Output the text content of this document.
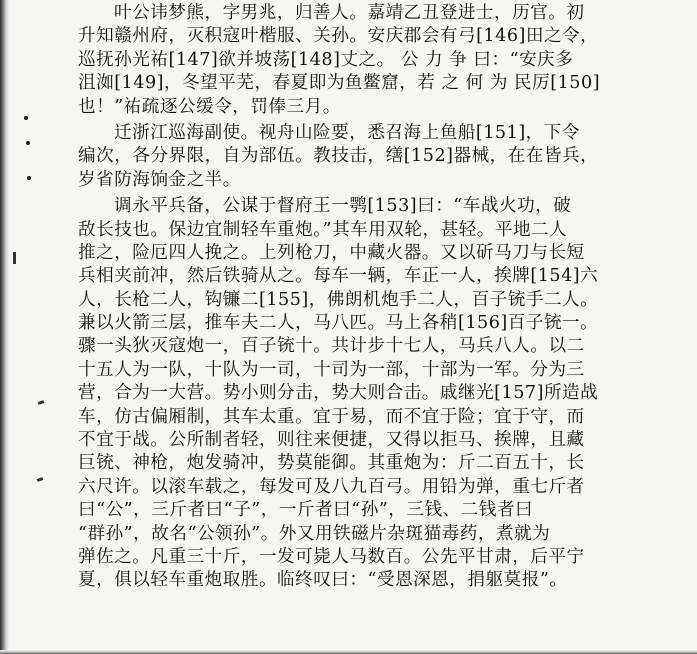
叶公讳梦熊，字男兆，归善人。嘉靖乙丑登进士，历官。初
升知赣州府，灭积寇叶楷服、关孙。安庆郡会有弓[146]田之令，
巡抚孙光祐[147]欲并坡荡[148]丈之。 公 力 争 曰：“安庆多
沮洳[149]，冬望平芜，春夏即为鱼鳖窟，若 之 何 为 民厉[150]
也！”祐疏逐公缓令，罚俸三月。
迁浙江巡海副使。视舟山险要，悉召海上鱼船[151]，下令
编次，各分界限，自为部伍。教技击，缮[152]器械，在在皆兵，
岁省防海饷金之半。
调永平兵备，公谋于督府王一鹗[153]曰：“车战火功，破
敌长技也。保边宜制轻车重炮。”其车用双轮，甚轻。平地二人
推之，险厄四人挽之。上列枪刀，中藏火器。又以斫马刀与长短
兵相夹前冲，然后铁骑从之。每车一辆，车正一人，挨牌[154]六
人，长枪二人，钩镰二[155]，佛朗机炮手二人，百子铳手二人。
兼以火箭三层，推车夫二人，马八匹。马上各稍[156]百子铳一。
骤一头狄灭寇炮一，百子铳十。共计步十七人，马兵八人。以二
十五人为一队，十队为一司，十司为一部，十部为一军。分为三
营，合为一大营。势小则分击，势大则合击。戚继光[157]所造战
车，仿古偏厢制，其车太重。宜于易，而不宜于险；宜于守，而
不宜于战。公所制者轻，则往来便捷，又得以拒马、挨牌，且藏
巨铳、神枪，炮发骑冲，势莫能御。其重炮为：斤二百五十，长
六尺许。以滚车载之，每发可及八九百弓。用铅为弹，重七斤者
曰“公”，三斤者曰“子”，一斤者曰“孙”，三钱、二钱者曰
“群孙”，故名“公领孙”。外又用铁磁片杂斑猫毒药，煮就为
弹佐之。凡重三十斤，一发可毙人马数百。公先平甘肃，后平宁
夏，俱以轻车重炮取胜。临终叹曰：“受恩深恩，捐躯莫报”。
